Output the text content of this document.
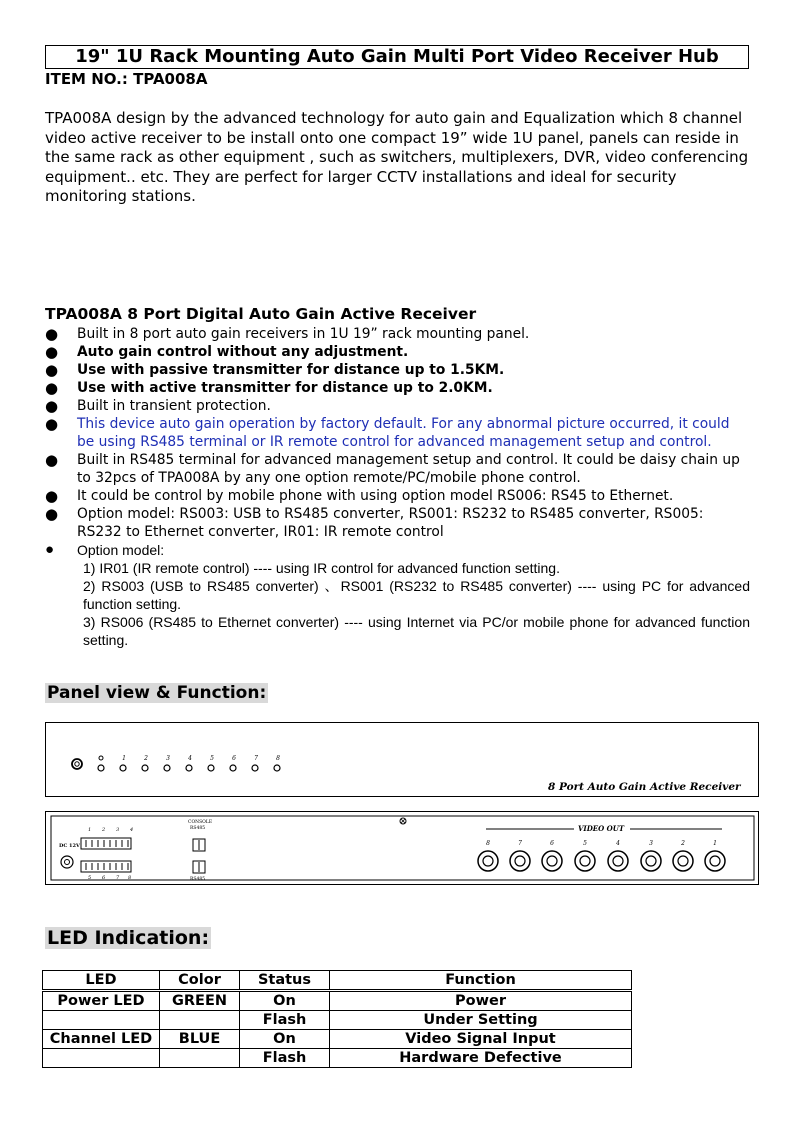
19" 1U Rack Mounting Auto Gain Multi Port Video Receiver Hub
ITEM NO.: TPA008A
TPA008A design by the advanced technology for auto gain and Equalization which 8 channel video active receiver to be install onto one compact 19” wide 1U panel, panels can reside in the same rack as other equipment , such as switchers, multiplexers, DVR, video conferencing equipment.. etc. They are perfect for larger CCTV installations and ideal for security monitoring stations.
TPA008A 8 Port Digital Auto Gain Active Receiver
● Built in 8 port auto gain receivers in 1U 19” rack mounting panel.
● Auto gain control without any adjustment.
● Use with passive transmitter for distance up to 1.5KM.
● Use with active transmitter for distance up to 2.0KM.
● Built in transient protection.
● This device auto gain operation by factory default. For any abnormal picture occurred, it could be using RS485 terminal or IR remote control for advanced management setup and control.
● Built in RS485 terminal for advanced management setup and control. It could be daisy chain up to 32pcs of TPA008A by any one option remote/PC/mobile phone control.
● It could be control by mobile phone with using option model RS006: RS45 to Ethernet.
● Option model: RS003: USB to RS485 converter, RS001: RS232 to RS485 converter, RS005: RS232 to Ethernet converter, IR01: IR remote control
● Option model:
1) IR01 (IR remote control) ---- using IR control for advanced function setting.
2) RS003 (USB to RS485 converter) 、RS001 (RS232 to RS485 converter) ---- using PC for advanced function setting.
3) RS006 (RS485 to Ethernet converter) ---- using Internet via PC/or mobile phone for advanced function setting.
Panel view & Function:
1	2	3	4	5	6	7	8
8 Port Auto Gain Active Receiver
DC 12V
1 2 3 4
5 6 7 8
CONSOLE
RS485
RS485
VIDEO OUT
8	7	6	5	4	3	2	1
LED Indication:
LED	Color	Status	Function
Power LED	GREEN	On	Power
		Flash	Under Setting
Channel LED	BLUE	On	Video Signal Input
		Flash	Hardware Defective
